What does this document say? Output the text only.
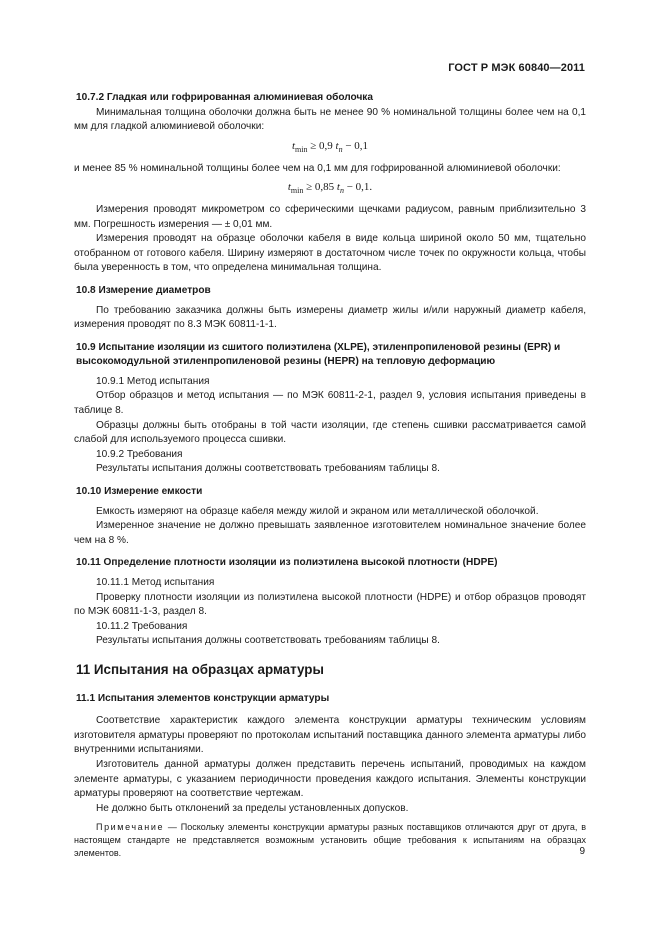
ГОСТ Р МЭК 60840—2011

10.7.2 Гладкая или гофрированная алюминиевая оболочка

Минимальная толщина оболочки должна быть не менее 90 % номинальной толщины более чем на 0,1 мм для гладкой алюминиевой оболочки:

$t_{min} \ge 0,9$ $t_n - 0,1$

и менее 85 % номинальной толщины более чем на 0,1 мм для гофрированной алюминиевой оболочки:

$t_{min} \ge 0,85$ $t_n - 0,1$.

Измерения проводят микрометром со сферическими щечками радиусом, равным приблизительно 3 мм. Погрешность измерения — ± 0,01 мм.

Измерения проводят на образце оболочки кабеля в виде кольца шириной около 50 мм, тщательно отобранном от готового кабеля. Ширину измеряют в достаточном числе точек по окружности кольца, чтобы была уверенность в том, что определена минимальная толщина.

10.8 Измерение диаметров

По требованию заказчика должны быть измерены диаметр жилы и/или наружный диаметр кабеля, измерения проводят по 8.3 МЭК 60811-1-1.

10.9 Испытание изоляции из сшитого полиэтилена (XLPE), этиленпропиленовой резины (EPR) и высокомодульной этиленпропиленовой резины (HEPR) на тепловую деформацию

10.9.1 Метод испытания

Отбор образцов и метод испытания — по МЭК 60811-2-1, раздел 9, условия испытания приведены в таблице 8.

Образцы должны быть отобраны в той части изоляции, где степень сшивки рассматривается самой слабой для используемого процесса сшивки.

10.9.2 Требования

Результаты испытания должны соответствовать требованиям таблицы 8.

10.10 Измерение емкости

Емкость измеряют на образце кабеля между жилой и экраном или металлической оболочкой.

Измеренное значение не должно превышать заявленное изготовителем номинальное значение более чем на 8 %.

10.11 Определение плотности изоляции из полиэтилена высокой плотности (HDPE)

10.11.1 Метод испытания

Проверку плотности изоляции из полиэтилена высокой плотности (HDPE) и отбор образцов проводят по МЭК 60811-1-3, раздел 8.

10.11.2 Требования

Результаты испытания должны соответствовать требованиям таблицы 8.

11 Испытания на образцах арматуры

11.1 Испытания элементов конструкции арматуры

Соответствие характеристик каждого элемента конструкции арматуры техническим условиям изготовителя арматуры проверяют по протоколам испытаний поставщика данного элемента арматуры либо внутренними испытаниями.

Изготовитель данной арматуры должен представить перечень испытаний, проводимых на каждом элементе арматуры, с указанием периодичности проведения каждого испытания. Элементы конструкции арматуры проверяют на соответствие чертежам.

Не должно быть отклонений за пределы установленных допусков.

Примечание — Поскольку элементы конструкции арматуры разных поставщиков отличаются друг от друга, в настоящем стандарте не представляется возможным установить общие требования к испытаниям на образцах элементов.	9
